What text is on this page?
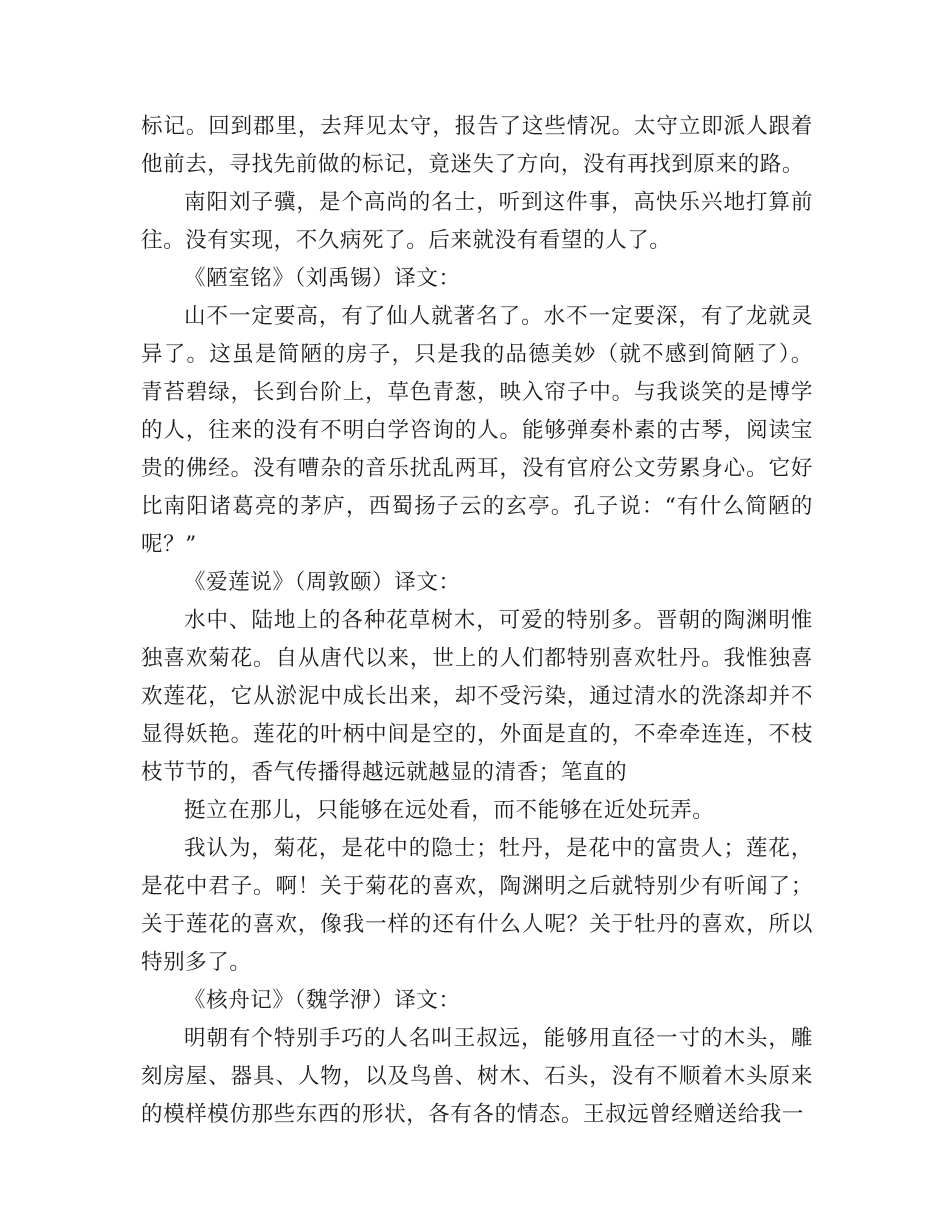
标记。回到郡里，去拜见太守，报告了这些情况。太守立即派人跟着他前去，寻找先前做的标记，竟迷失了方向，没有再找到原来的路。

南阳刘子骥，是个高尚的名士，听到这件事，高快乐兴地打算前往。没有实现，不久病死了。后来就没有看望的人了。

《陋室铭》（刘禹锡）译文：

山不一定要高，有了仙人就著名了。水不一定要深，有了龙就灵异了。这虽是简陋的房子，只是我的品德美妙（就不感到简陋了）。青苔碧绿，长到台阶上，草色青葱，映入帘子中。与我谈笑的是博学的人，往来的没有不明白学咨询的人。能够弹奏朴素的古琴，阅读宝贵的佛经。没有嘈杂的音乐扰乱两耳，没有官府公文劳累身心。它好比南阳诸葛亮的茅庐，西蜀扬子云的玄亭。孔子说：“有什么简陋的呢？”

《爱莲说》（周敦颐）译文：

水中、陆地上的各种花草树木，可爱的特别多。晋朝的陶渊明惟独喜欢菊花。自从唐代以来，世上的人们都特别喜欢牡丹。我惟独喜欢莲花，它从淤泥中成长出来，却不受污染，通过清水的洗涤却并不显得妖艳。莲花的叶柄中间是空的，外面是直的，不牵牵连连，不枝枝节节的，香气传播得越远就越显的清香；笔直的

挺立在那儿，只能够在远处看，而不能够在近处玩弄。

我认为，菊花，是花中的隐士；牡丹，是花中的富贵人；莲花，是花中君子。啊！关于菊花的喜欢，陶渊明之后就特别少有听闻了；关于莲花的喜欢，像我一样的还有什么人呢？关于牡丹的喜欢，所以特别多了。

《核舟记》（魏学洢）译文：

明朝有个特别手巧的人名叫王叔远，能够用直径一寸的木头，雕刻房屋、器具、人物，以及鸟兽、树木、石头，没有不顺着木头原来的模样模仿那些东西的形状，各有各的情态。王叔远曾经赠送给我一
